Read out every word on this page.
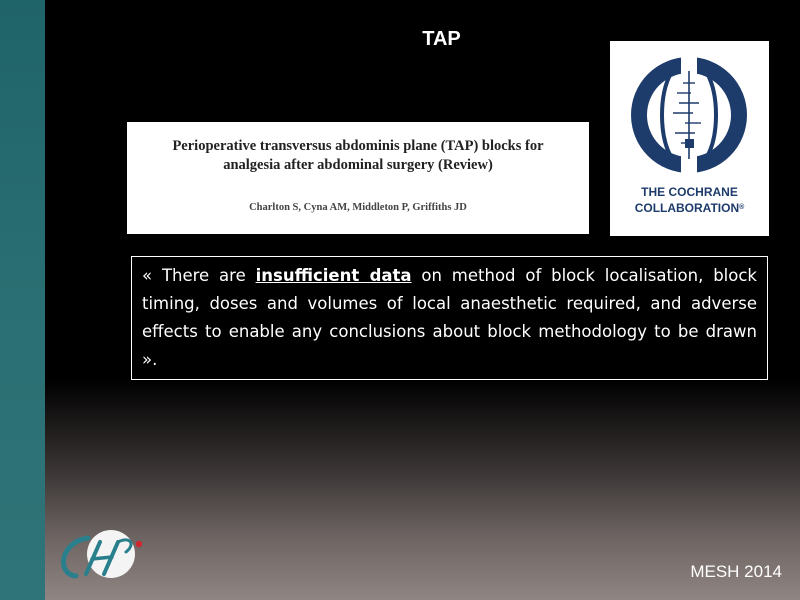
TAP
Perioperative transversus abdominis plane (TAP) blocks for
analgesia after abdominal surgery (Review)
Charlton S, Cyna AM, Middleton P, Griffiths JD
THE COCHRANE
COLLABORATION®
« There are insufficient data on method of block localisation, block timing, doses and volumes of local anaesthetic required, and adverse effects to enable any conclusions about block methodology to be drawn ».
MESH 2014
